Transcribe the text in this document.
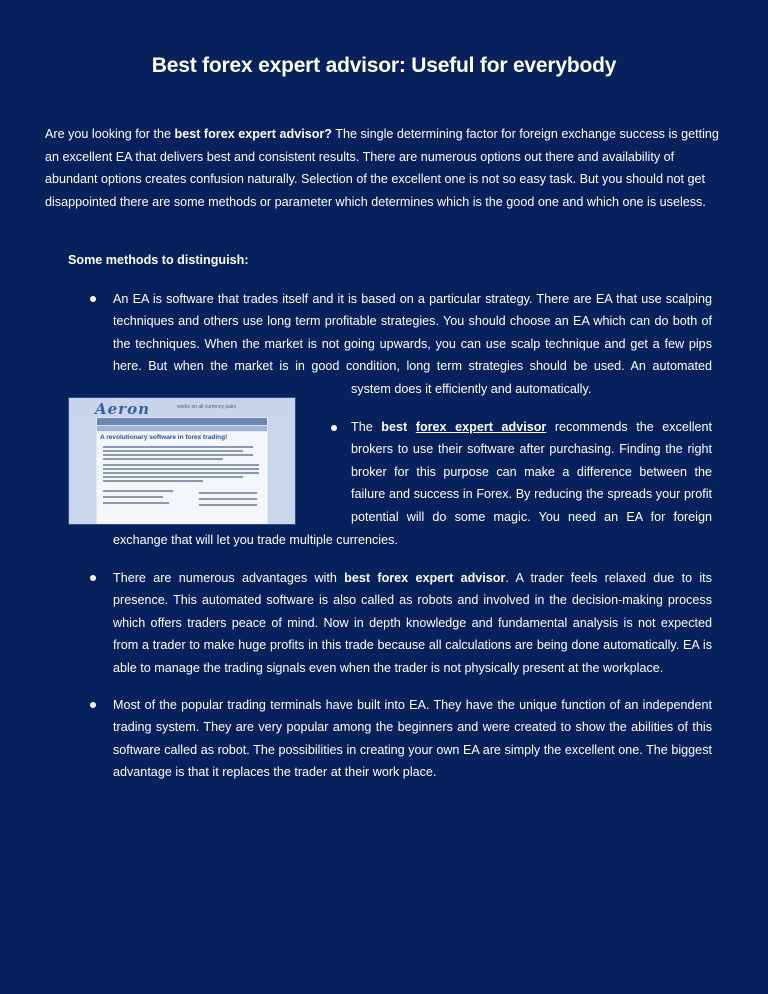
Best forex expert advisor: Useful for everybody

Are you looking for the best forex expert advisor? The single determining factor for foreign exchange success is getting an excellent EA that delivers best and consistent results. There are numerous options out there and availability of abundant options creates confusion naturally. Selection of the excellent one is not so easy task. But you should not get disappointed there are some methods or parameter which determines which is the good one and which one is useless.

Some methods to distinguish:

An EA is software that trades itself and it is based on a particular strategy. There are EA that use scalping techniques and others use long term profitable strategies. You should choose an EA which can do both of the techniques. When the market is not going upwards, you can use scalp technique and get a few pips here. But when the market is in good condition, long term strategies should be used. An automated

system does it efficiently and automatically.

Aeron	works on all currency pairs
A revolutionary software in forex trading!

The best forex expert advisor recommends the excellent brokers to use their software after purchasing. Finding the right broker for this purpose can make a difference between the failure and success in Forex. By reducing the spreads your profit potential will do some magic. You need an EA for foreign

exchange that will let you trade multiple currencies.

There are numerous advantages with best forex expert advisor. A trader feels relaxed due to its presence. This automated software is also called as robots and involved in the decision-making process which offers traders peace of mind. Now in depth knowledge and fundamental analysis is not expected from a trader to make huge profits in this trade because all calculations are being done automatically. EA is able to manage the trading signals even when the trader is not physically present at the workplace.

Most of the popular trading terminals have built into EA. They have the unique function of an independent trading system. They are very popular among the beginners and were created to show the abilities of this software called as robot. The possibilities in creating your own EA are simply the excellent one. The biggest advantage is that it replaces the trader at their work place.
